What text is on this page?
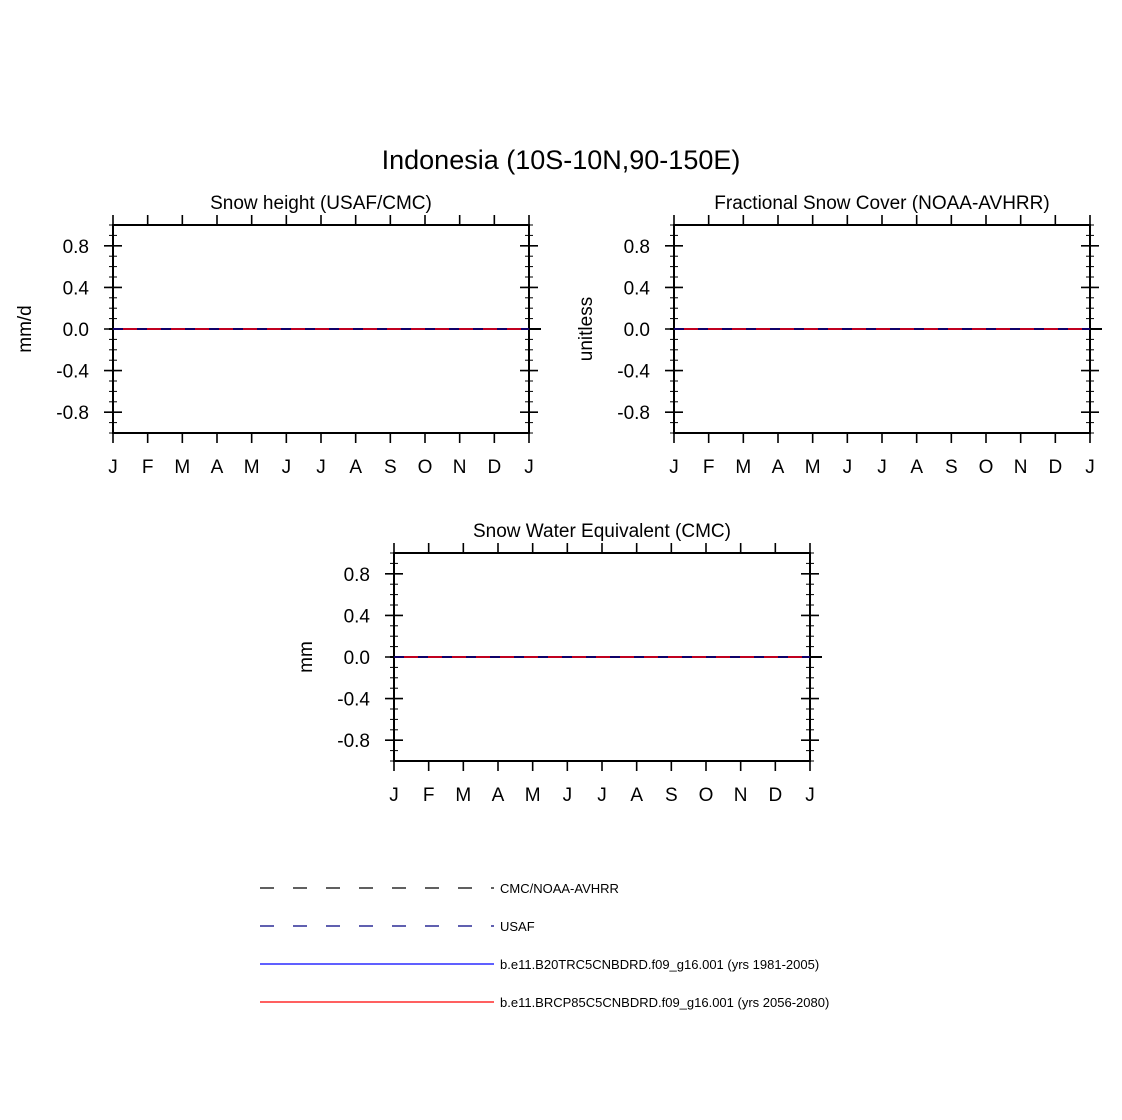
Indonesia (10S-10N,90-150E)
Snow height (USAF/CMC)
mm/d
J F M A M J J A S O N D J
0.8
0.4
0.0
-0.4
-0.8
Fractional Snow Cover (NOAA-AVHRR)
unitless
J F M A M J J A S O N D J
0.8
0.4
0.0
-0.4
-0.8
Snow Water Equivalent (CMC)
mm
J F M A M J J A S O N D J
0.8
0.4
0.0
-0.4
-0.8
CMC/NOAA-AVHRR
USAF
b.e11.B20TRC5CNBDRD.f09_g16.001 (yrs 1981-2005)
b.e11.BRCP85C5CNBDRD.f09_g16.001 (yrs 2056-2080)
